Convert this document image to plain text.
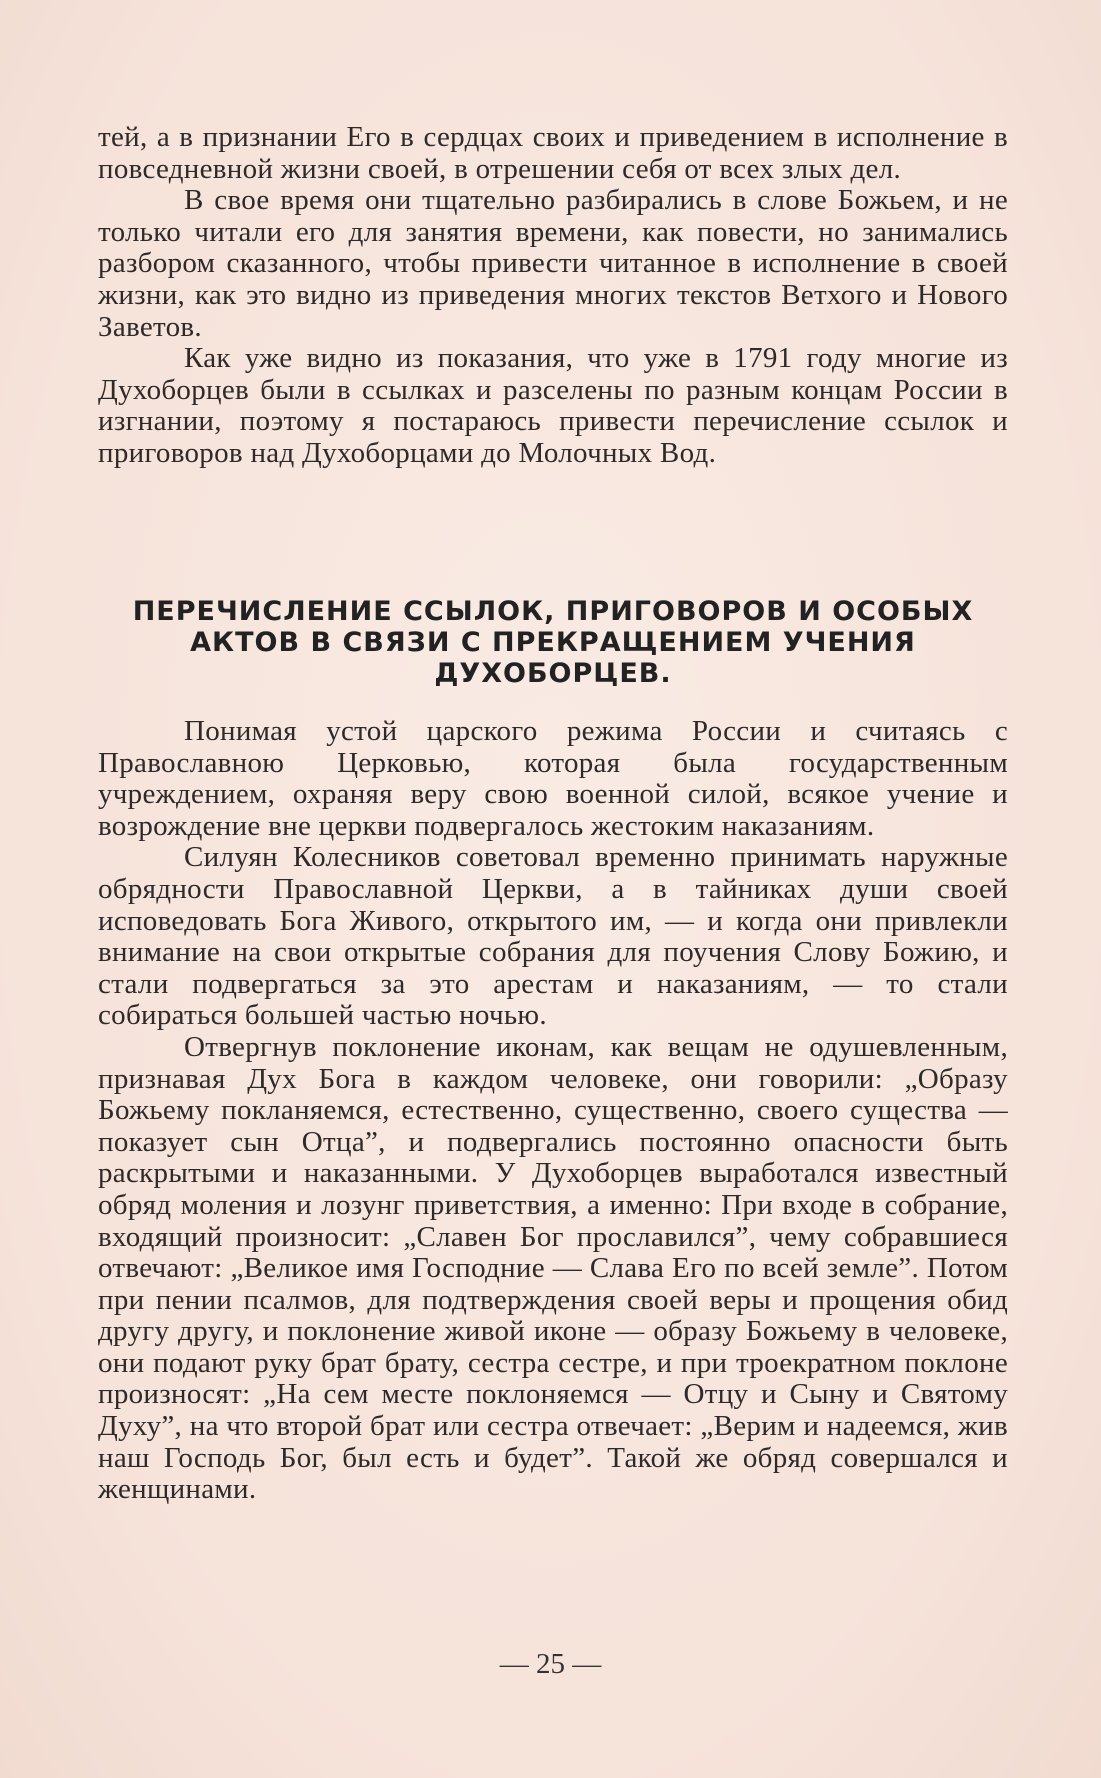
тей, а в признании Его в сердцах своих и приведением в исполнение в повседневной жизни своей, в отрешении себя от всех злых дел.

В свое время они тщательно разбирались в слове Божьем, и не только читали его для занятия времени, как повести, но занимались разбором сказанного, чтобы привести читанное в исполнение в своей жизни, как это видно из приведения многих текстов Ветхого и Нового Заветов.

Как уже видно из показания, что уже в 1791 году многие из Духоборцев были в ссылках и разселены по разным концам России в изгнании, поэтому я постараюсь привести перечисление ссылок и приговоров над Духоборцами до Молочных Вод.

ПЕРЕЧИСЛЕНИЕ ССЫЛОК, ПРИГОВОРОВ И ОСОБЫХ
АКТОВ В СВЯЗИ С ПРЕКРАЩЕНИЕМ УЧЕНИЯ
ДУХОБОРЦЕВ.

Понимая устой царского режима России и считаясь с Православною Церковью, которая была государственным учреждением, охраняя веру свою военной силой, всякое учение и возрождение вне церкви подвергалось жестоким наказаниям.

Силуян Колесников советовал временно принимать наружные обрядности Православной Церкви, а в тайниках души своей исповедовать Бога Живого, открытого им, — и когда они привлекли внимание на свои открытые собрания для поучения Слову Божию, и стали подвергаться за это арестам и наказаниям, — то стали собираться большей частью ночью.

Отвергнув поклонение иконам, как вещам не одушевленным, признавая Дух Бога в каждом человеке, они говорили: „Образу Божьему покланяемся, естественно, существенно, своего существа — показует сын Отца”, и подвергались постоянно опасности быть раскрытыми и наказанными. У Духоборцев выработался известный обряд моления и лозунг приветствия, а именно: При входе в собрание, входящий произносит: „Славен Бог прославился”, чему собравшиеся отвечают: „Великое имя Господние — Слава Его по всей земле”. Потом при пении псалмов, для подтверждения своей веры и прощения обид другу другу, и поклонение живой иконе — образу Божьему в человеке, они подают руку брат брату, сестра сестре, и при троекратном поклоне произносят: „На сем месте поклоняемся — Отцу и Сыну и Святому Духу”, на что второй брат или сестра отвечает: „Верим и надеемся, жив наш Господь Бог, был есть и будет”. Такой же обряд совершался и женщинами.

— 25 —
